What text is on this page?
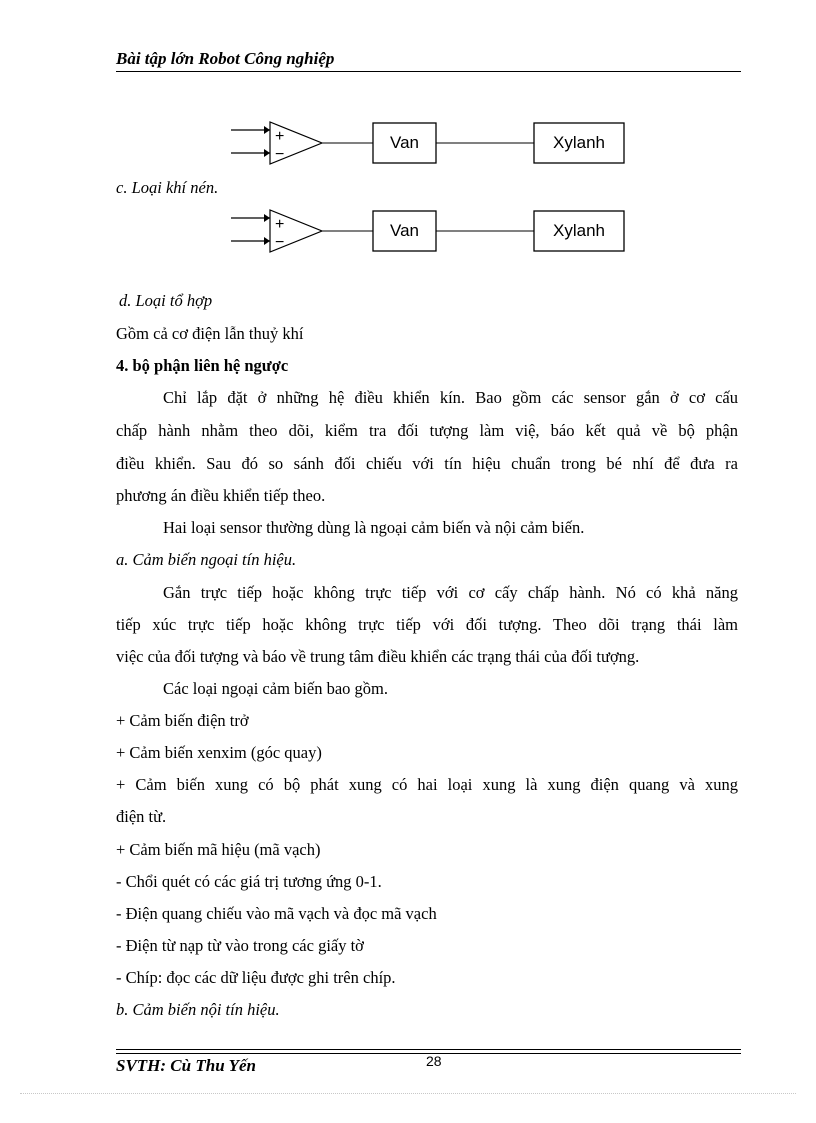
Bài tập lớn Robot Công nghiệp
+
−
Van	Xylanh
c. Loại khí nén.
+
−
Van	Xylanh
d. Loại tổ hợp
Gồm cả cơ điện lẫn thuỷ khí
4. bộ phận liên hệ ngược
Chỉ lắp đặt ở những hệ điều khiển kín. Bao gồm các sensor gắn ở cơ cấu
chấp hành nhằm theo dõi, kiểm tra đối tượng làm việ, báo kết quả về bộ phận
điều khiển. Sau đó so sánh đối chiếu với tín hiệu chuẩn trong bé nhí để đưa ra
phương án điều khiển tiếp theo.
Hai loại sensor thường dùng là ngoại cảm biến và nội cảm biến.
a. Cảm biến ngoại tín hiệu.
Gắn trực tiếp hoặc không trực tiếp với cơ cấy chấp hành. Nó có khả năng
tiếp xúc trực tiếp hoặc không trực tiếp với đối tượng. Theo dõi trạng thái làm
việc của đối tượng và báo về trung tâm điều khiển các trạng thái của đối tượng.
Các loại ngoại cảm biến bao gồm.
+ Cảm biến điện trở
+ Cảm biến xenxim (góc quay)
+ Cảm biến xung có bộ phát xung có hai loại xung là xung điện quang và xung
điện từ.
+ Cảm biến mã hiệu (mã vạch)
- Chổi quét có các giá trị tương ứng 0-1.
- Điện quang chiếu vào mã vạch và đọc mã vạch
- Điện từ nạp từ vào trong các giấy tờ
- Chíp: đọc các dữ liệu được ghi trên chíp.
b. Cảm biến nội tín hiệu.
SVTH: Cù Thu Yến	28
